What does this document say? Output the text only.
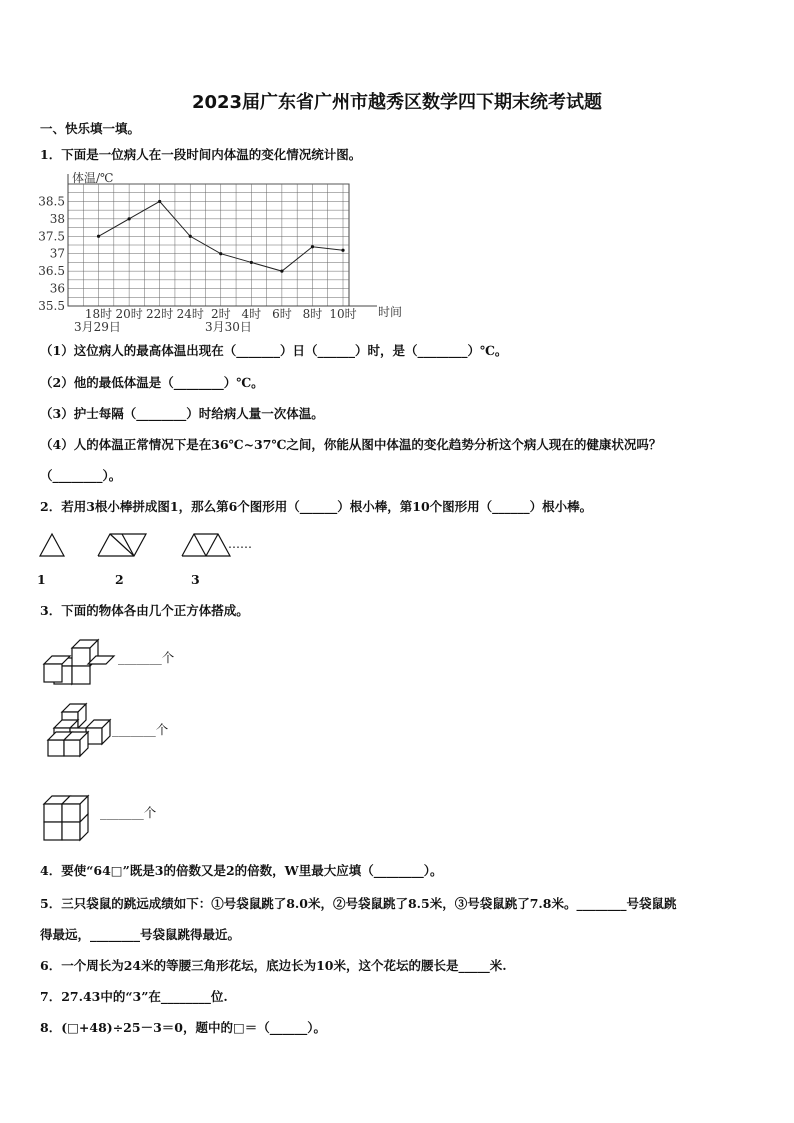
2023届广东省广州市越秀区数学四下期末统考试题
一、快乐填一填。
1．下面是一位病人在一段时间内体温的变化情况统计图。
35.5
36
36.5
37
37.5
38
38.5
18时 20时 22时 24时 2时 4时 6时 8时 10时
体温/℃
时间
3月29日	3月30日
（1）这位病人的最高体温出现在（_______）日（______）时，是（________）℃。
（2）他的最低体温是（________）℃。
（3）护士每隔（________）时给病人量一次体温。
（4）人的体温正常情况下是在36℃~37℃之间，你能从图中体温的变化趋势分析这个病人现在的健康状况吗？
（________）。
2．若用3根小棒拼成图1，那么第6个图形用（______）根小棒，第10个图形用（______）根小棒。
……
1	2	3
3．下面的物体各由几个正方体搭成。
_______个
_______个
_______个
4．要使“64□”既是3的倍数又是2的倍数，W里最大应填（________）。
5．三只袋鼠的跳远成绩如下：①号袋鼠跳了8.0米，②号袋鼠跳了8.5米，③号袋鼠跳了7.8米。________号袋鼠跳
得最远，________号袋鼠跳得最近。
6．一个周长为24米的等腰三角形花坛，底边长为10米，这个花坛的腰长是_____米.
7．27.43中的“3”在________位.
8．(□+48)÷25－3＝0，题中的□＝（______）。
